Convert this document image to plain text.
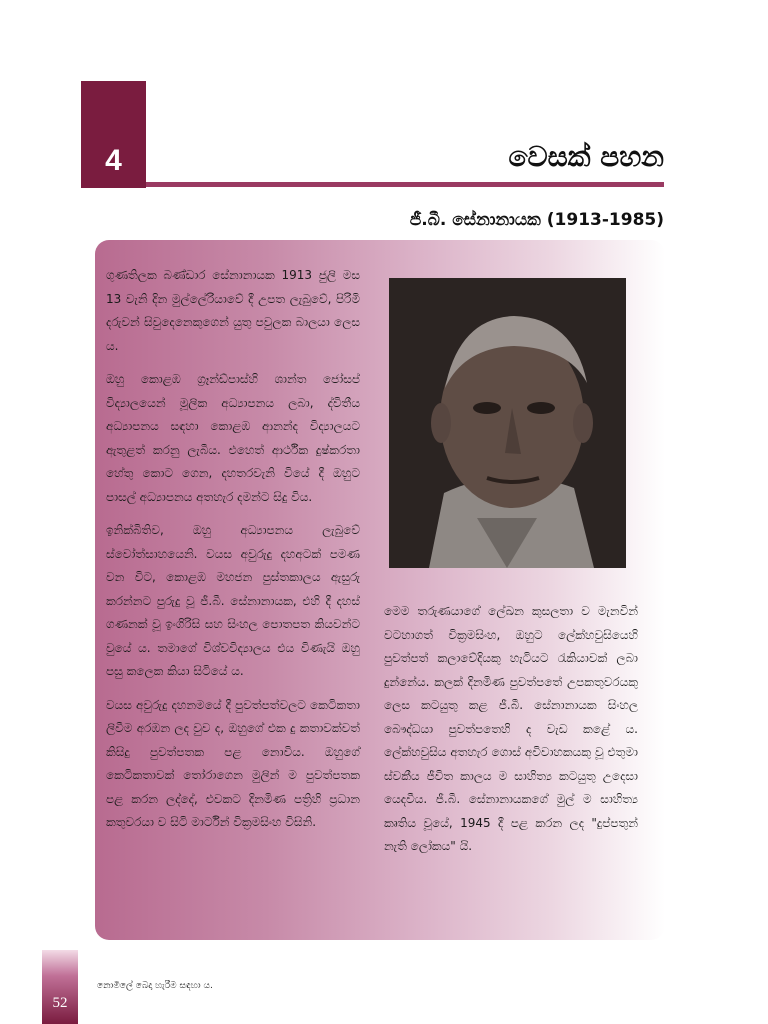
4	වෙසක් පහන
ජී.බී. සේනානායක (1913-1985)

ගුණතිලක බණ්ඩාර සේනානායක 1913 ජුලි මස 13 වැනි දින මුල්ලේරියාවේ දී උපත ලැබුවේ, පිරිමි දරුවන් සිවුදෙනෙකුගෙන් යුතු පවුලක බාලයා ලෙස ය.

ඔහු කොළඹ ග්‍රෑන්ඩ්පාස්හි ශාන්ත ජෝසප් විද්‍යාලයෙන් මූලික අධ්‍යාපනය ලබා, ද්විතීය අධ්‍යාපනය සඳහා කොළඹ ආනන්ද විද්‍යාලයට ඇතුළත් කරනු ලැබීය. එහෙත් ආර්ථික දුෂ්කරතා හේතු කොට ගෙන, දහතරවැනි වියේ දී ඔහුට පාසල් අධ්‍යාපනය අතහැර දමන්ට සිදු විය.

ඉනික්බිතිව, ඔහු අධ්‍යාපනය ලැබුවේ ස්වෝත්සාහයෙනි. වයස අවුරුදු දහඅටක් පමණ වන විට, කොළඹ මහජන පුස්තකාලය ඇසුරු කරන්නට පුරුදු වූ ජී.බී. සේනානායක, එහි දී දහස් ගණනක් වූ ඉංගිරිසි සහ සිංහල පොතපත කියවන්ට වුයේ ය. තමාගේ විශ්වවිද්‍යාලය එය විණැයි ඔහු පසු කලෙක කියා සිටියේ ය.

වයස අවුරුදු දහනමයේ දී පුවත්පත්වලට කෙටිකතා ලිවීම අරඹන ලද වුව ද, ඔහුගේ එක දු කතාවක්වත් කිසිදු පුවත්පතක පළ නොවිය. ඔහුගේ කෙටිකතාවක් තෝරාගෙන මුලින් ම පුවත්පතක පළ කරන ලද්දේ, එවකට දිනමිණ පත්‍රිහි ප්‍රධාන කතුවරයා ව සිටි මාර්ටින් වික්‍රමසිංහ විසිනි.

මෙම තරුණයාගේ ලේඛන කුසලතා ව මැනවින් වටහාගත් වික්‍රමසිංහ, ඔහුට ලේක්හවුසියෙහි පුවත්පත් කලාවේදියකු හැටියට රැකියාවක් ලබා දුන්නේය. කලක් දිනමිණ පුවත්පතේ උපකතුවරයකු ලෙස කටයුතු කළ ජී.බී. සේනානායක සිංහල බෞද්ධයා පුවත්පතෙහි ද වැඩ කළේ ය. ලේක්හවුසිය අතහැර ගොස් අවිවාහකයකු වූ එතුමා ස්වකීය ජීවිත කාලය ම සාහිත්‍ය කටයුතු උදෙසා යෙදවීය. ජී.බී. සේනානායකගේ මුල් ම සාහිත්‍ය කෘතිය වූයේ, 1945 දී පළ කරන ලද "දුප්පතුන් නැති ලෝකය" යි.

52
නොමිලේ බෙදා හැරීම සඳහා ය.
